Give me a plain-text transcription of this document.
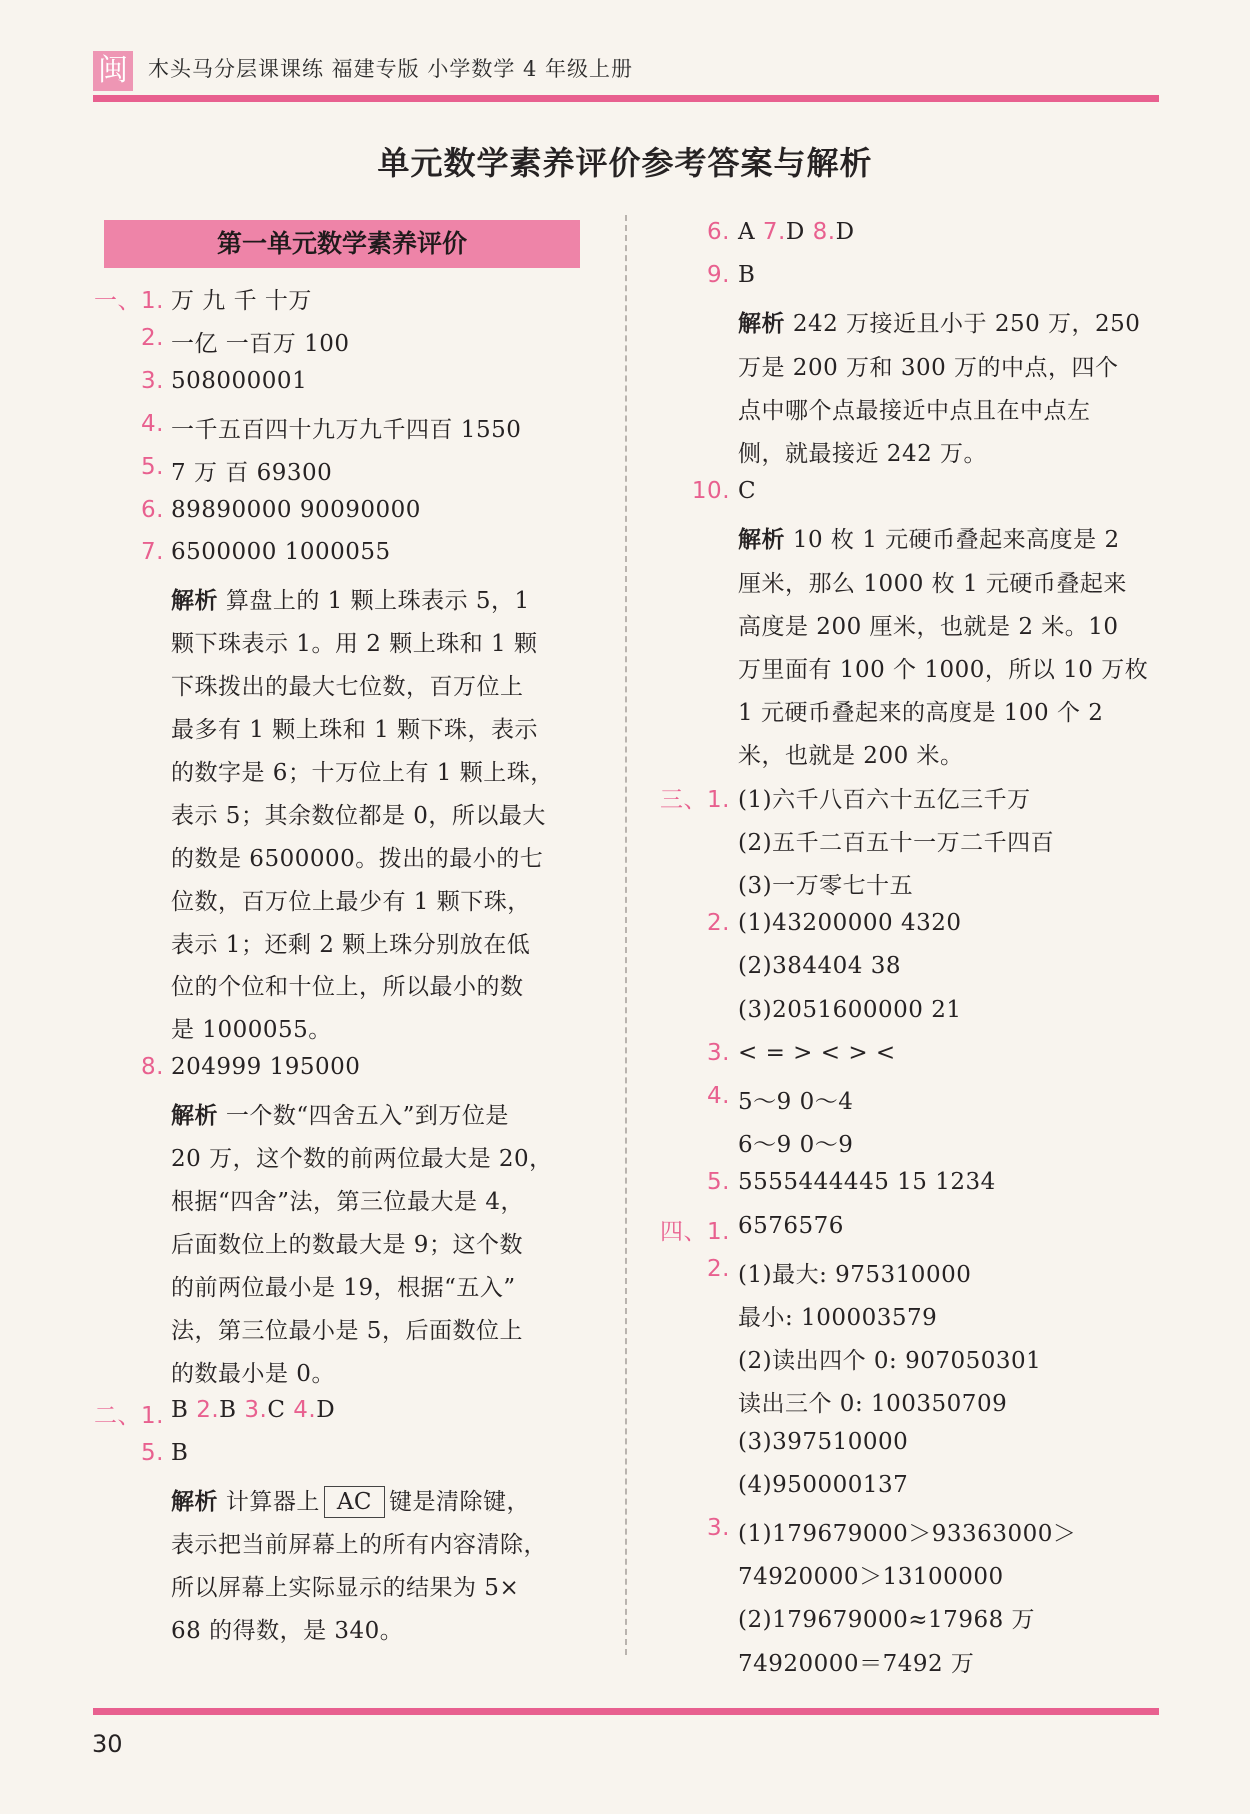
闽 木头马分层课课练 福建专版 小学数学 4 年级上册
单元数学素养评价参考答案与解析
第一单元数学素养评价
一、1. 万 九 千 十万
2. 一亿 一百万 100
3. 508000001
4. 一千五百四十九万九千四百 1550
5. 7 万 百 69300
6. 89890000 90090000
7. 6500000 1000055
解析 算盘上的 1 颗上珠表示 5，1
颗下珠表示 1。用 2 颗上珠和 1 颗
下珠拨出的最大七位数，百万位上
最多有 1 颗上珠和 1 颗下珠，表示
的数字是 6；十万位上有 1 颗上珠，
表示 5；其余数位都是 0，所以最大
的数是 6500000。拨出的最小的七
位数，百万位上最少有 1 颗下珠，
表示 1；还剩 2 颗上珠分别放在低
位的个位和十位上，所以最小的数
是 1000055。
8. 204999 195000
解析 一个数“四舍五入”到万位是
20 万，这个数的前两位最大是 20，
根据“四舍”法，第三位最大是 4，
后面数位上的数最大是 9；这个数
的前两位最小是 19，根据“五入”
法，第三位最小是 5，后面数位上
的数最小是 0。
二、1. B 2.B 3.C 4.D
5. B
解析 计算器上 AC 键是清除键，
表示把当前屏幕上的所有内容清除，
所以屏幕上实际显示的结果为 5×
68 的得数，是 340。
6. A 7.D 8.D
9. B
解析 242 万接近且小于 250 万，250
万是 200 万和 300 万的中点，四个
点中哪个点最接近中点且在中点左
侧，就最接近 242 万。
10. C
解析 10 枚 1 元硬币叠起来高度是 2
厘米，那么 1000 枚 1 元硬币叠起来
高度是 200 厘米，也就是 2 米。10
万里面有 100 个 1000，所以 10 万枚
1 元硬币叠起来的高度是 100 个 2
米，也就是 200 米。
三、1. (1)六千八百六十五亿三千万
(2)五千二百五十一万二千四百
(3)一万零七十五
2. (1)43200000 4320
(2)384404 38
(3)2051600000 21
3. < = > < > <
4. 5～9 0～4
6～9 0～9
5. 5555444445 15 1234
四、1. 6576576
2. (1)最大: 975310000
最小: 100003579
(2)读出四个 0: 907050301
读出三个 0: 100350709
(3)397510000
(4)950000137
3. (1)179679000＞93363000＞
74920000＞13100000
(2)179679000≈17968 万
74920000＝7492 万
30
